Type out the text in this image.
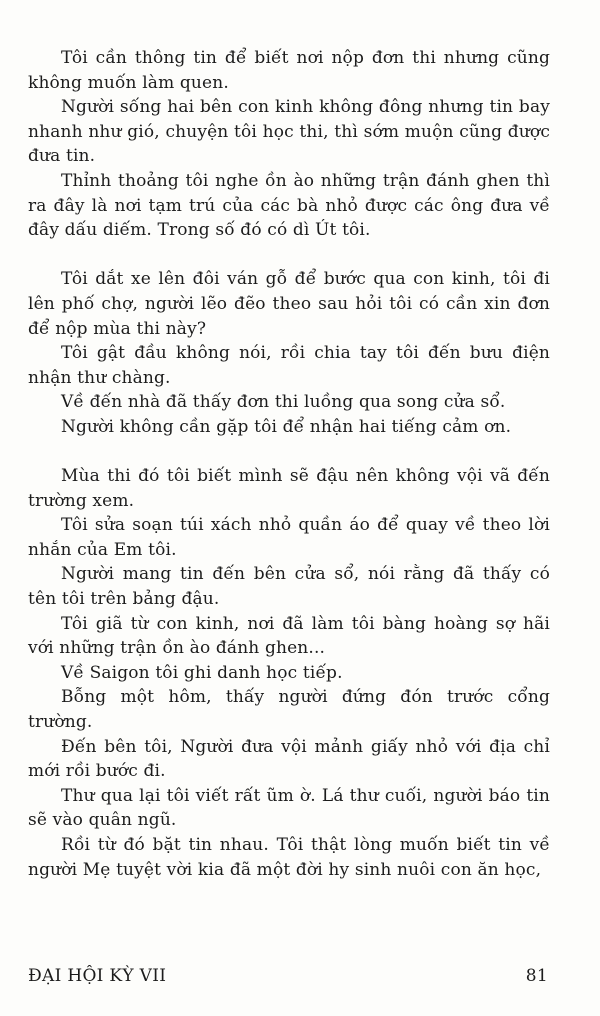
Tôi cần thông tin để biết nơi nộp đơn thi nhưng cũng không muốn làm quen.

Người sống hai bên con kinh không đông nhưng tin bay nhanh như gió, chuyện tôi học thi, thì sớm muộn cũng được đưa tin.

Thỉnh thoảng tôi nghe ồn ào những trận đánh ghen thì ra đây là nơi tạm trú của các bà nhỏ được các ông đưa về đây dấu diếm. Trong số đó có dì Út tôi.

Tôi dắt xe lên đôi ván gỗ để bước qua con kinh, tôi đi lên phố chợ, người lẽo đẽo theo sau hỏi tôi có cần xin đơn để nộp mùa thi này?

Tôi gật đầu không nói, rồi chia tay tôi đến bưu điện nhận thư chàng.

Về đến nhà đã thấy đơn thi luồng qua song cửa sổ.

Người không cần gặp tôi để nhận hai tiếng cảm ơn.

Mùa thi đó tôi biết mình sẽ đậu nên không vội vã đến trường xem.

Tôi sửa soạn túi xách nhỏ quần áo để quay về theo lời nhắn của Em tôi.

Người mang tin đến bên cửa sổ, nói rằng đã thấy có tên tôi trên bảng đậu.

Tôi giã từ con kinh, nơi đã làm tôi bàng hoàng sợ hãi với những trận ồn ào đánh ghen...

Về Saigon tôi ghi danh học tiếp.

Bỗng một hôm, thấy người đứng đón trước cổng trường.

Đến bên tôi, Người đưa vội mảnh giấy nhỏ với địa chỉ mới rồi bước đi.

Thư qua lại tôi viết rất ũm ờ. Lá thư cuối, người báo tin sẽ vào quân ngũ.

Rồi từ đó bặt tin nhau. Tôi thật lòng muốn biết tin về người Mẹ tuyệt vời kia đã một đời hy sinh nuôi con ăn học,

ĐẠI HỘI KỲ VII	81
